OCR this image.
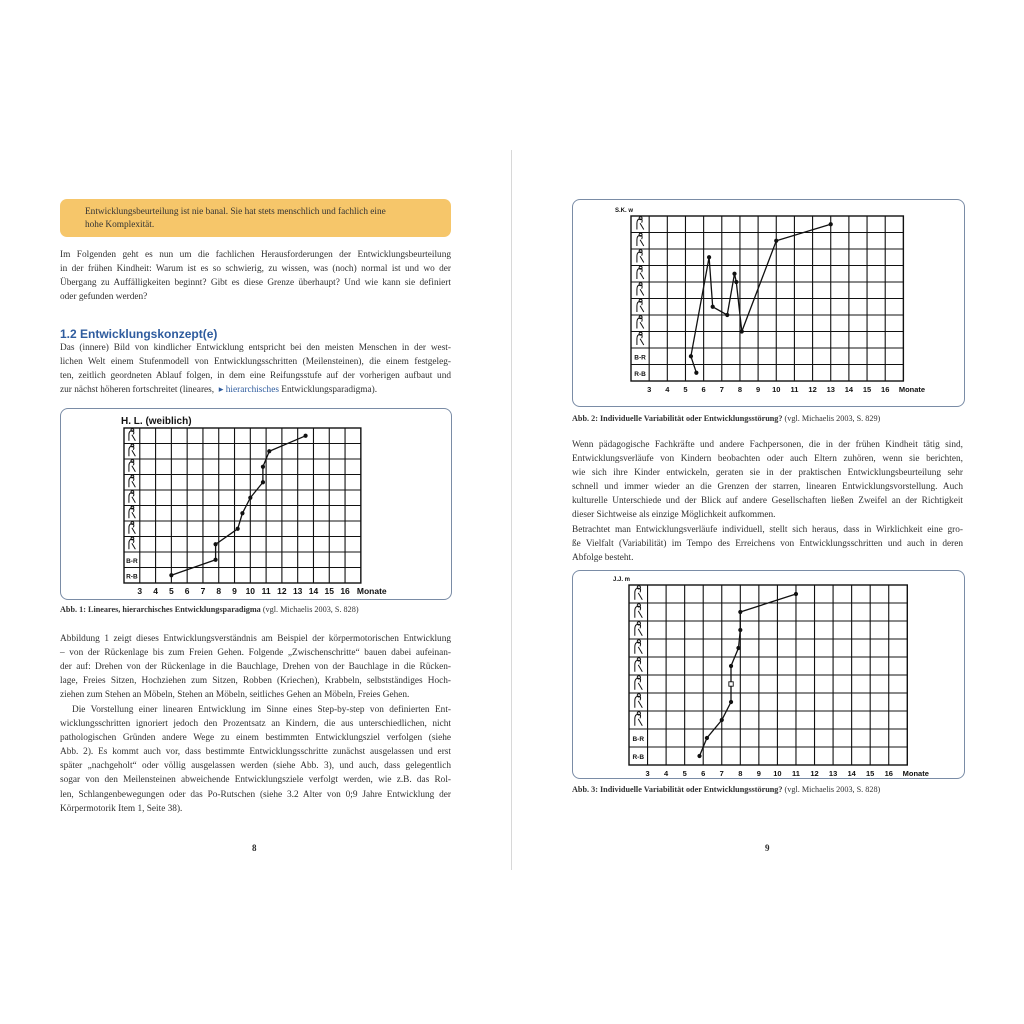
Entwicklungsbeurteilung ist nie banal. Sie hat stets menschlich und fachlich eine
hohe Komplexität.

Im Folgenden geht es nun um die fachlichen Herausforderungen der Entwicklungsbeurteilung
in der frühen Kindheit: Warum ist es so schwierig, zu wissen, was (noch) normal ist und wo der
Übergang zu Auffälligkeiten beginnt? Gibt es diese Grenze überhaupt? Und wie kann sie definiert
oder gefunden werden?
1.2 Entwicklungskonzept(e)
Das (innere) Bild von kindlicher Entwicklung entspricht bei den meisten Menschen in der west-
lichen Welt einem Stufenmodell von Entwicklungsschritten (Meilensteinen), die einem festgeleg-
ten, zeitlich geordneten Ablauf folgen, in dem eine Reifungsstufe auf der vorherigen aufbaut und
zur nächst höheren fortschreitet (lineares, ▸ hierarchisches Entwicklungsparadigma).
H. L. (weiblich)
B-R
R-B
3 4 5 6 7 8 9 10 11 12 13 14 15 16 Monate

Abb. 1: Lineares, hierarchisches Entwicklungsparadigma (vgl. Michaelis 2003, S. 828)

Abbildung 1 zeigt dieses Entwicklungsverständnis am Beispiel der körpermotorischen Entwicklung
– von der Rückenlage bis zum Freien Gehen. Folgende „Zwischenschritte“ bauen dabei aufeinan-
der auf: Drehen von der Rückenlage in die Bauchlage, Drehen von der Bauchlage in die Rücken-
lage, Freies Sitzen, Hochziehen zum Sitzen, Robben (Kriechen), Krabbeln, selbstständiges Hoch-
ziehen zum Stehen an Möbeln, Stehen an Möbeln, seitliches Gehen an Möbeln, Freies Gehen.
Die Vorstellung einer linearen Entwicklung im Sinne eines Step-by-step von definierten Ent-
wicklungsschritten ignoriert jedoch den Prozentsatz an Kindern, die aus unterschiedlichen, nicht
pathologischen Gründen andere Wege zu einem bestimmten Entwicklungsziel verfolgen (siehe
Abb. 2). Es kommt auch vor, dass bestimmte Entwicklungsschritte zunächst ausgelassen und erst
später „nachgeholt“ oder völlig ausgelassen werden (siehe Abb. 3), und auch, dass gelegentlich
sogar von den Meilensteinen abweichende Entwicklungsziele verfolgt werden, wie z.B. das Rol-
len, Schlangenbewegungen oder das Po-Rutschen (siehe 3.2 Alter von 0;9 Jahre Entwicklung der
Körpermotorik Item 1, Seite 38).

8

S.K. w
B-R
R-B
3 4 5 6 7 8 9 10 11 12 13 14 15 16 Monate

Abb. 2: Individuelle Variabilität oder Entwicklungsstörung? (vgl. Michaelis 2003, S. 829)

Wenn pädagogische Fachkräfte und andere Fachpersonen, die in der frühen Kindheit tätig sind,
Entwicklungsverläufe von Kindern beobachten oder auch Eltern zuhören, wenn sie berichten,
wie sich ihre Kinder entwickeln, geraten sie in der praktischen Entwicklungsbeurteilung sehr
schnell und immer wieder an die Grenzen der starren, linearen Entwicklungsvorstellung. Auch
kulturelle Unterschiede und der Blick auf andere Gesellschaften ließen Zweifel an der Richtigkeit
dieser Sichtweise als einzige Möglichkeit aufkommen.
Betrachtet man Entwicklungsverläufe individuell, stellt sich heraus, dass in Wirklichkeit eine gro-
ße Vielfalt (Variabilität) im Tempo des Erreichens von Entwicklungsschritten und auch in deren
Abfolge besteht.
J.J. m
B-R
R-B
3 4 5 6 7 8 9 10 11 12 13 14 15 16 Monate

Abb. 3: Individuelle Variabilität oder Entwicklungsstörung? (vgl. Michaelis 2003, S. 828)

9
